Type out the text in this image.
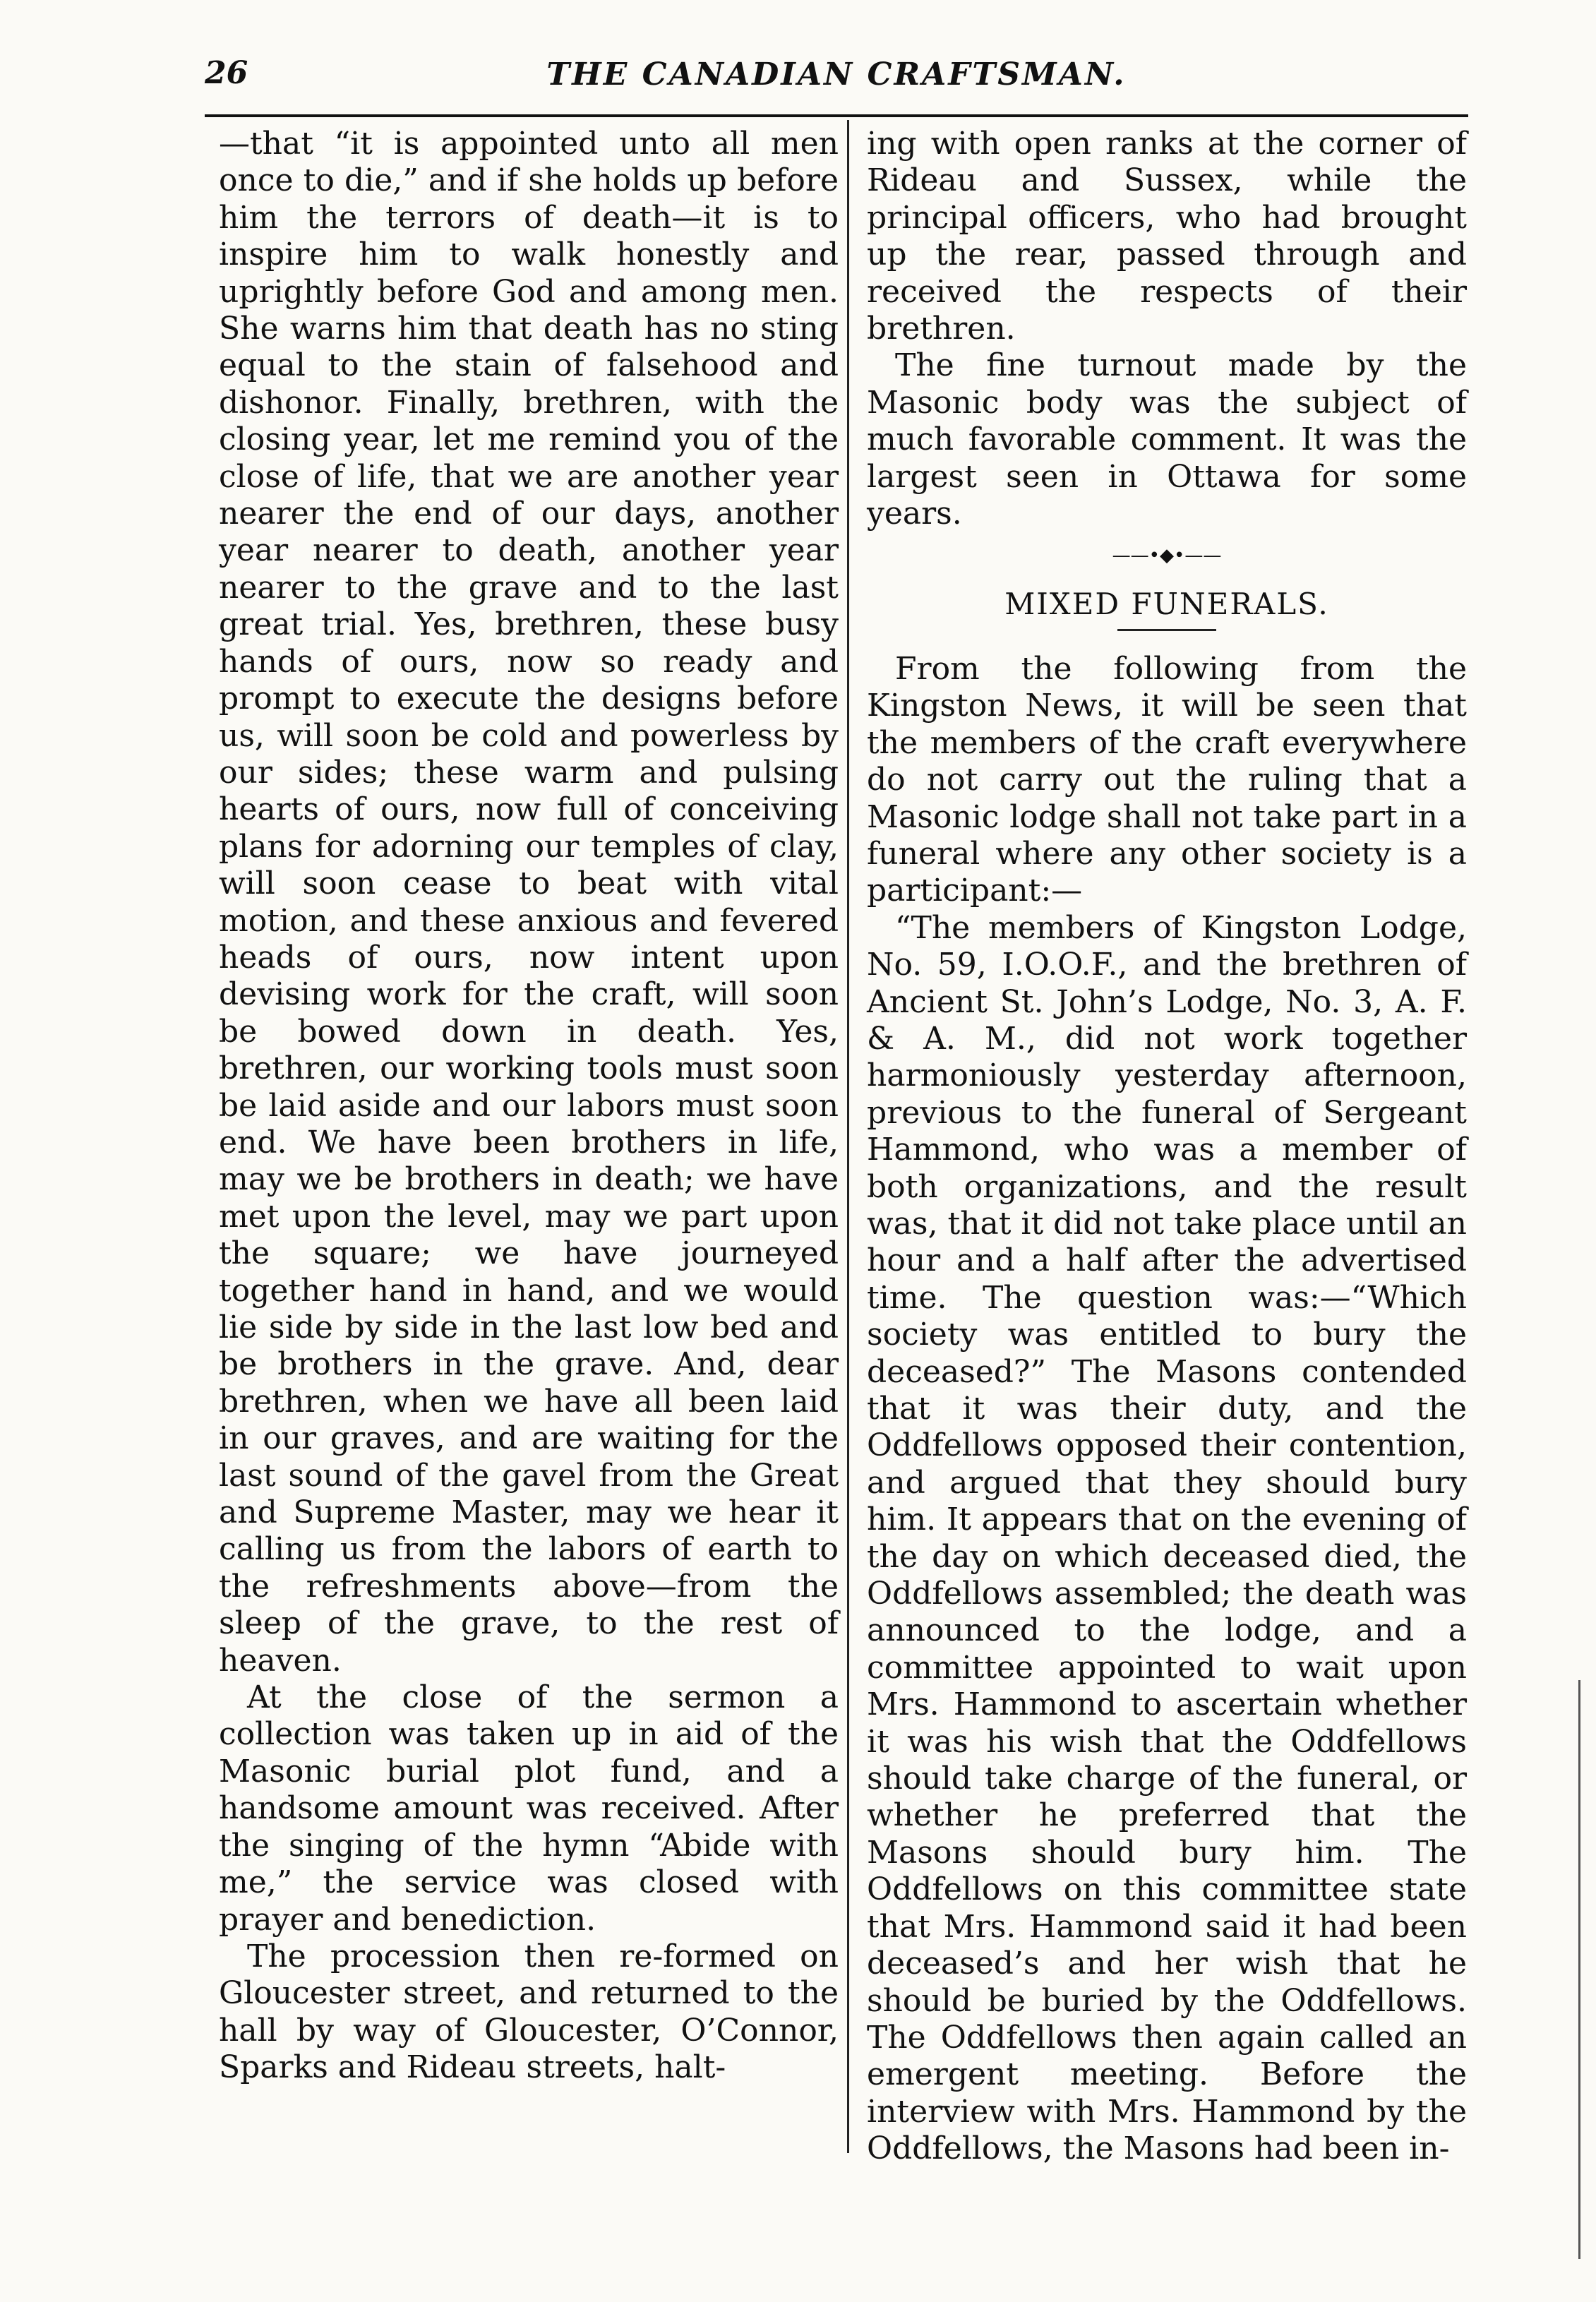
26	THE CANADIAN CRAFTSMAN.

—that “it is appointed unto all men once to die,” and if she holds up before him the terrors of death—it is to inspire him to walk honestly and uprightly before God and among men. She warns him that death has no sting equal to the stain of falsehood and dishonor. Finally, brethren, with the closing year, let me remind you of the close of life, that we are another year nearer the end of our days, another year nearer to death, another year nearer to the grave and to the last great trial. Yes, brethren, these busy hands of ours, now so ready and prompt to execute the designs before us, will soon be cold and powerless by our sides; these warm and pulsing hearts of ours, now full of conceiving plans for adorning our temples of clay, will soon cease to beat with vital motion, and these anxious and fevered heads of ours, now intent upon devising work for the craft, will soon be bowed down in death. Yes, brethren, our working tools must soon be laid aside and our labors must soon end. We have been brothers in life, may we be brothers in death; we have met upon the level, may we part upon the square; we have journeyed together hand in hand, and we would lie side by side in the last low bed and be brothers in the grave. And, dear brethren, when we have all been laid in our graves, and are waiting for the last sound of the gavel from the Great and Supreme Master, may we hear it calling us from the labors of earth to the refreshments above—from the sleep of the grave, to the rest of heaven.

At the close of the sermon a collection was taken up in aid of the Masonic burial plot fund, and a handsome amount was received. After the singing of the hymn “Abide with me,” the service was closed with prayer and benediction.

The procession then re-formed on Gloucester street, and returned to the hall by way of Gloucester, O’Connor, Sparks and Rideau streets, halt-

ing with open ranks at the corner of Rideau and Sussex, while the principal officers, who had brought up the rear, passed through and received the respects of their brethren.

The fine turnout made by the Masonic body was the subject of much favorable comment. It was the largest seen in Ottawa for some years.

——•◆•——
MIXED FUNERALS.

From the following from the Kingston News, it will be seen that the members of the craft everywhere do not carry out the ruling that a Masonic lodge shall not take part in a funeral where any other society is a participant:—

“The members of Kingston Lodge, No. 59, I.O.O.F., and the brethren of Ancient St. John’s Lodge, No. 3, A. F. & A. M., did not work together harmoniously yesterday afternoon, previous to the funeral of Sergeant Hammond, who was a member of both organizations, and the result was, that it did not take place until an hour and a half after the advertised time. The question was:—“Which society was entitled to bury the deceased?” The Masons contended that it was their duty, and the Oddfellows opposed their contention, and argued that they should bury him. It appears that on the evening of the day on which deceased died, the Oddfellows assembled; the death was announced to the lodge, and a committee appointed to wait upon Mrs. Hammond to ascertain whether it was his wish that the Oddfellows should take charge of the funeral, or whether he preferred that the Masons should bury him. The Oddfellows on this committee state that Mrs. Hammond said it had been deceased’s and her wish that he should be buried by the Oddfellows. The Oddfellows then again called an emergent meeting. Before the interview with Mrs. Hammond by the Oddfellows, the Masons had been in-
